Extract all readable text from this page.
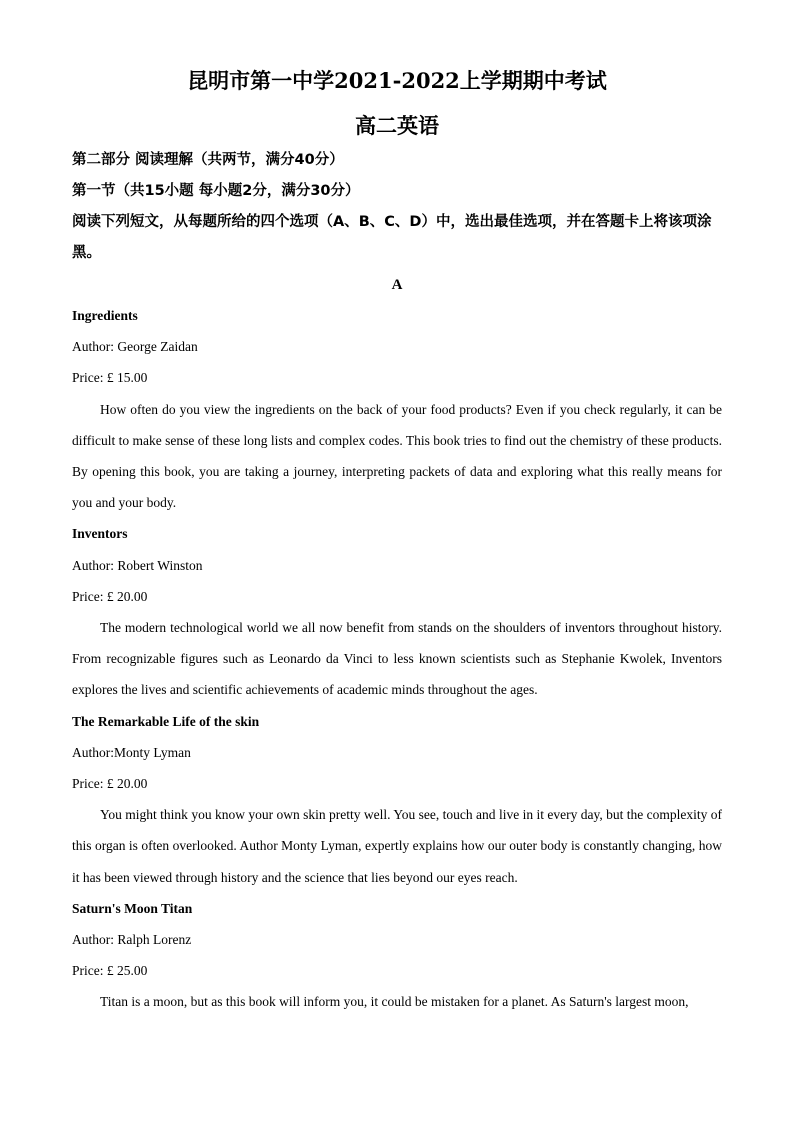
昆明市第一中学2021-2022上学期期中考试
高二英语
第二部分 阅读理解（共两节，满分40分）
第一节（共15小题 每小题2分，满分30分）
阅读下列短文，从每题所给的四个选项（A、B、C、D）中，选出最佳选项，并在答题卡上将该项涂黑。
A
Ingredients
Author: George Zaidan
Price: £ 15.00
How often do you view the ingredients on the back of your food products? Even if you check regularly, it can be difficult to make sense of these long lists and complex codes. This book tries to find out the chemistry of these products. By opening this book, you are taking a journey, interpreting packets of data and exploring what this really means for you and your body.
Inventors
Author: Robert Winston
Price: £ 20.00
The modern technological world we all now benefit from stands on the shoulders of inventors throughout history. From recognizable figures such as Leonardo da Vinci to less known scientists such as Stephanie Kwolek, Inventors explores the lives and scientific achievements of academic minds throughout the ages.
The Remarkable Life of the skin
Author:Monty Lyman
Price: £ 20.00
You might think you know your own skin pretty well. You see, touch and live in it every day, but the complexity of this organ is often overlooked. Author Monty Lyman, expertly explains how our outer body is constantly changing, how it has been viewed through history and the science that lies beyond our eyes reach.
Saturn's Moon Titan
Author: Ralph Lorenz
Price: £ 25.00
Titan is a moon, but as this book will inform you, it could be mistaken for a planet. As Saturn's largest moon,
